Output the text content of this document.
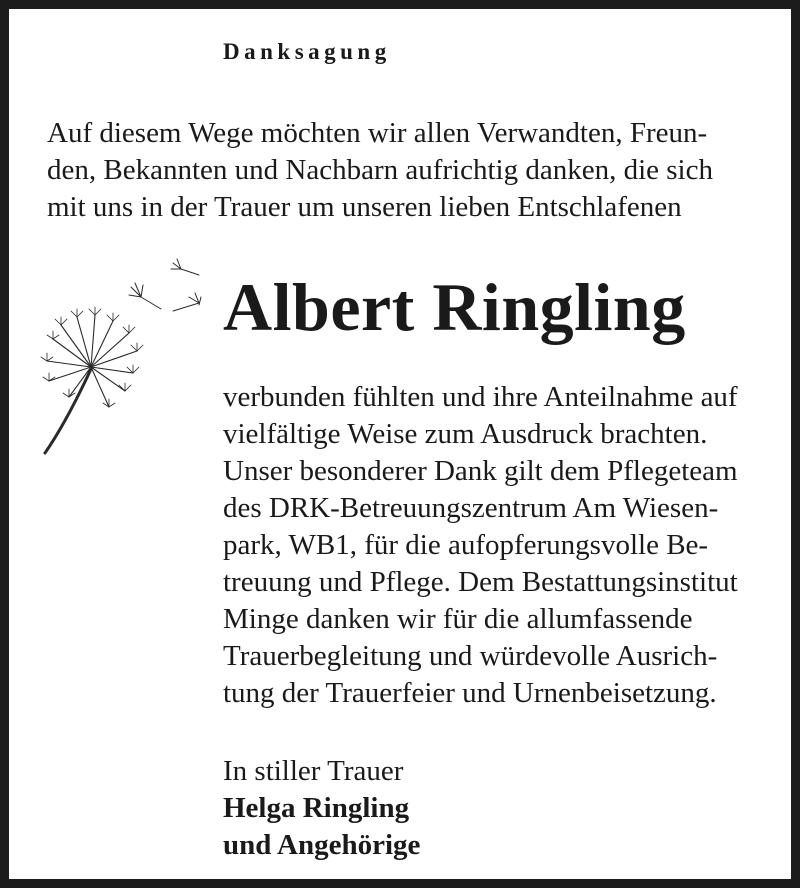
Danksagung
Auf diesem Wege möchten wir allen Verwandten, Freun-
den, Bekannten und Nachbarn aufrichtig danken, die sich
mit uns in der Trauer um unseren lieben Entschlafenen
Albert Ringling
verbunden fühlten und ihre Anteilnahme auf
vielfältige Weise zum Ausdruck brachten.
Unser besonderer Dank gilt dem Pflegeteam
des DRK-Betreuungszentrum Am Wiesen-
park, WB1, für die aufopferungsvolle Be-
treuung und Pflege. Dem Bestattungsinstitut
Minge danken wir für die allumfassende
Trauerbegleitung und würdevolle Ausrich-
tung der Trauerfeier und Urnenbeisetzung.
In stiller Trauer
Helga Ringling
und Angehörige
